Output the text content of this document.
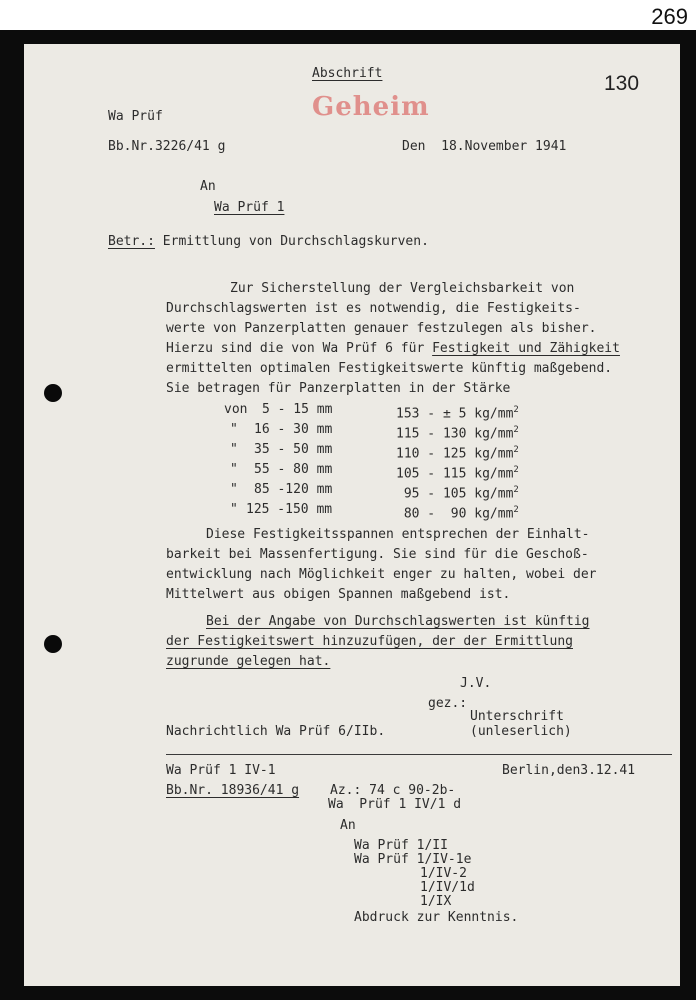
269
Abschrift
Geheim
130
Wa Prüf
Bb.Nr.3226/41 g	Den  18.November 1941
An
Wa Prüf 1
Betr.: Ermittlung von Durchschlagskurven.
Zur Sicherstellung der Vergleichsbarkeit von
Durchschlagswerten ist es notwendig, die Festigkeits-
werte von Panzerplatten genauer festzulegen als bisher.
Hierzu sind die von Wa Prüf 6 für Festigkeit und Zähigkeit
ermittelten optimalen Festigkeitswerte künftig maßgebend.
Sie betragen für Panzerplatten in der Stärke
von 5 - 15 mm	153 - ± 5 $kg/mm^2$
" 16 - 30 mm	115 - 130 $kg/mm^2$
" 35 - 50 mm	110 - 125 $kg/mm^2$
" 55 - 80 mm	105 - 115 $kg/mm^2$
" 85 -120 mm	95 - 105 $kg/mm^2$
" 125 -150 mm	80 -  90 $kg/mm^2$
Diese Festigkeitsspannen entsprechen der Einhalt-
barkeit bei Massenfertigung. Sie sind für die Geschoß-
entwicklung nach Möglichkeit enger zu halten, wobei der
Mittelwert aus obigen Spannen maßgebend ist.
Bei der Angabe von Durchschlagswerten ist künftig
der Festigkeitswert hinzuzufügen, der der Ermittlung
zugrunde gelegen hat.
J.V.
gez.:
Unterschrift
(unleserlich)
Nachrichtlich Wa Prüf 6/IIb.
Wa Prüf 1 IV-1	Berlin,den3.12.41
Bb.Nr. 18936/41 g Az.: 74 c 90-2b-
Wa  Prüf 1 IV/1 d
An
Wa Prüf 1/II
Wa Prüf 1/IV-1e
1/IV-2
1/IV/1d
1/IX
Abdruck zur Kenntnis.
